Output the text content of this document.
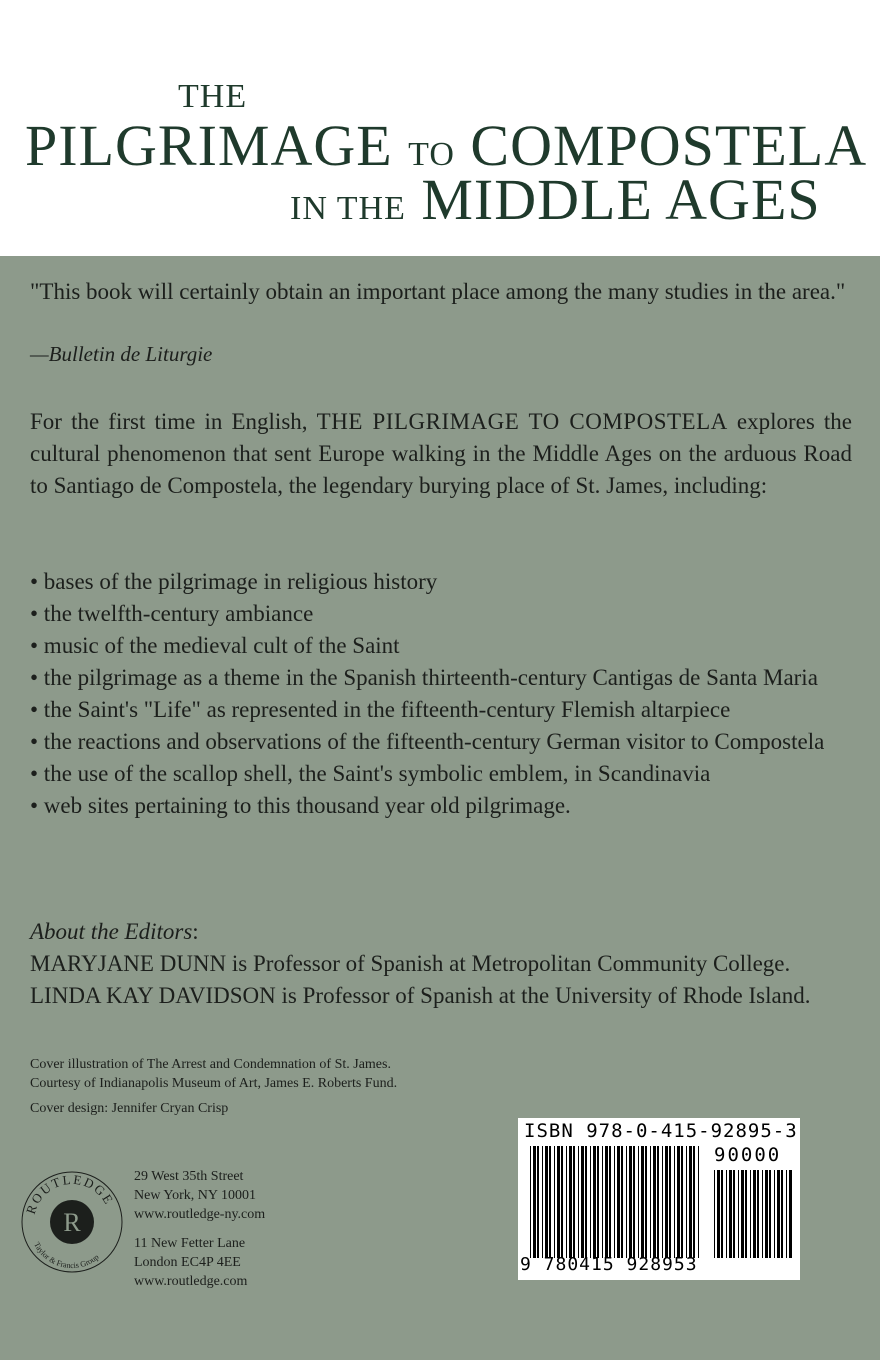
THE
PILGRIMAGE TO COMPOSTELA
IN THE MIDDLE AGES

"This book will certainly obtain an important place among the many studies in the area."

—Bulletin de Liturgie

For the first time in English, THE PILGRIMAGE TO COMPOSTELA explores the cultural phenomenon that sent Europe walking in the Middle Ages on the arduous Road to Santiago de Compostela, the legendary burying place of St. James, including:

• bases of the pilgrimage in religious history
• the twelfth-century ambiance
• music of the medieval cult of the Saint
• the pilgrimage as a theme in the Spanish thirteenth-century Cantigas de Santa Maria
• the Saint's "Life" as represented in the fifteenth-century Flemish altarpiece
• the reactions and observations of the fifteenth-century German visitor to Compostela
• the use of the scallop shell, the Saint's symbolic emblem, in Scandinavia
• web sites pertaining to this thousand year old pilgrimage.
About the Editors:
MARYJANE DUNN is Professor of Spanish at Metropolitan Community College.
LINDA KAY DAVIDSON is Professor of Spanish at the University of Rhode Island.
Cover illustration of The Arrest and Condemnation of St. James.
Courtesy of Indianapolis Museum of Art, James E. Roberts Fund.
Cover design: Jennifer Cryan Crisp
ROUTLEDGE
Taylor & Francis Group
R
29 West 35th Street
New York, NY 10001
www.routledge-ny.com
11 New Fetter Lane
London EC4P 4EE
www.routledge.com
ISBN 978-0-415-92895-3
90000
9 780415 928953
